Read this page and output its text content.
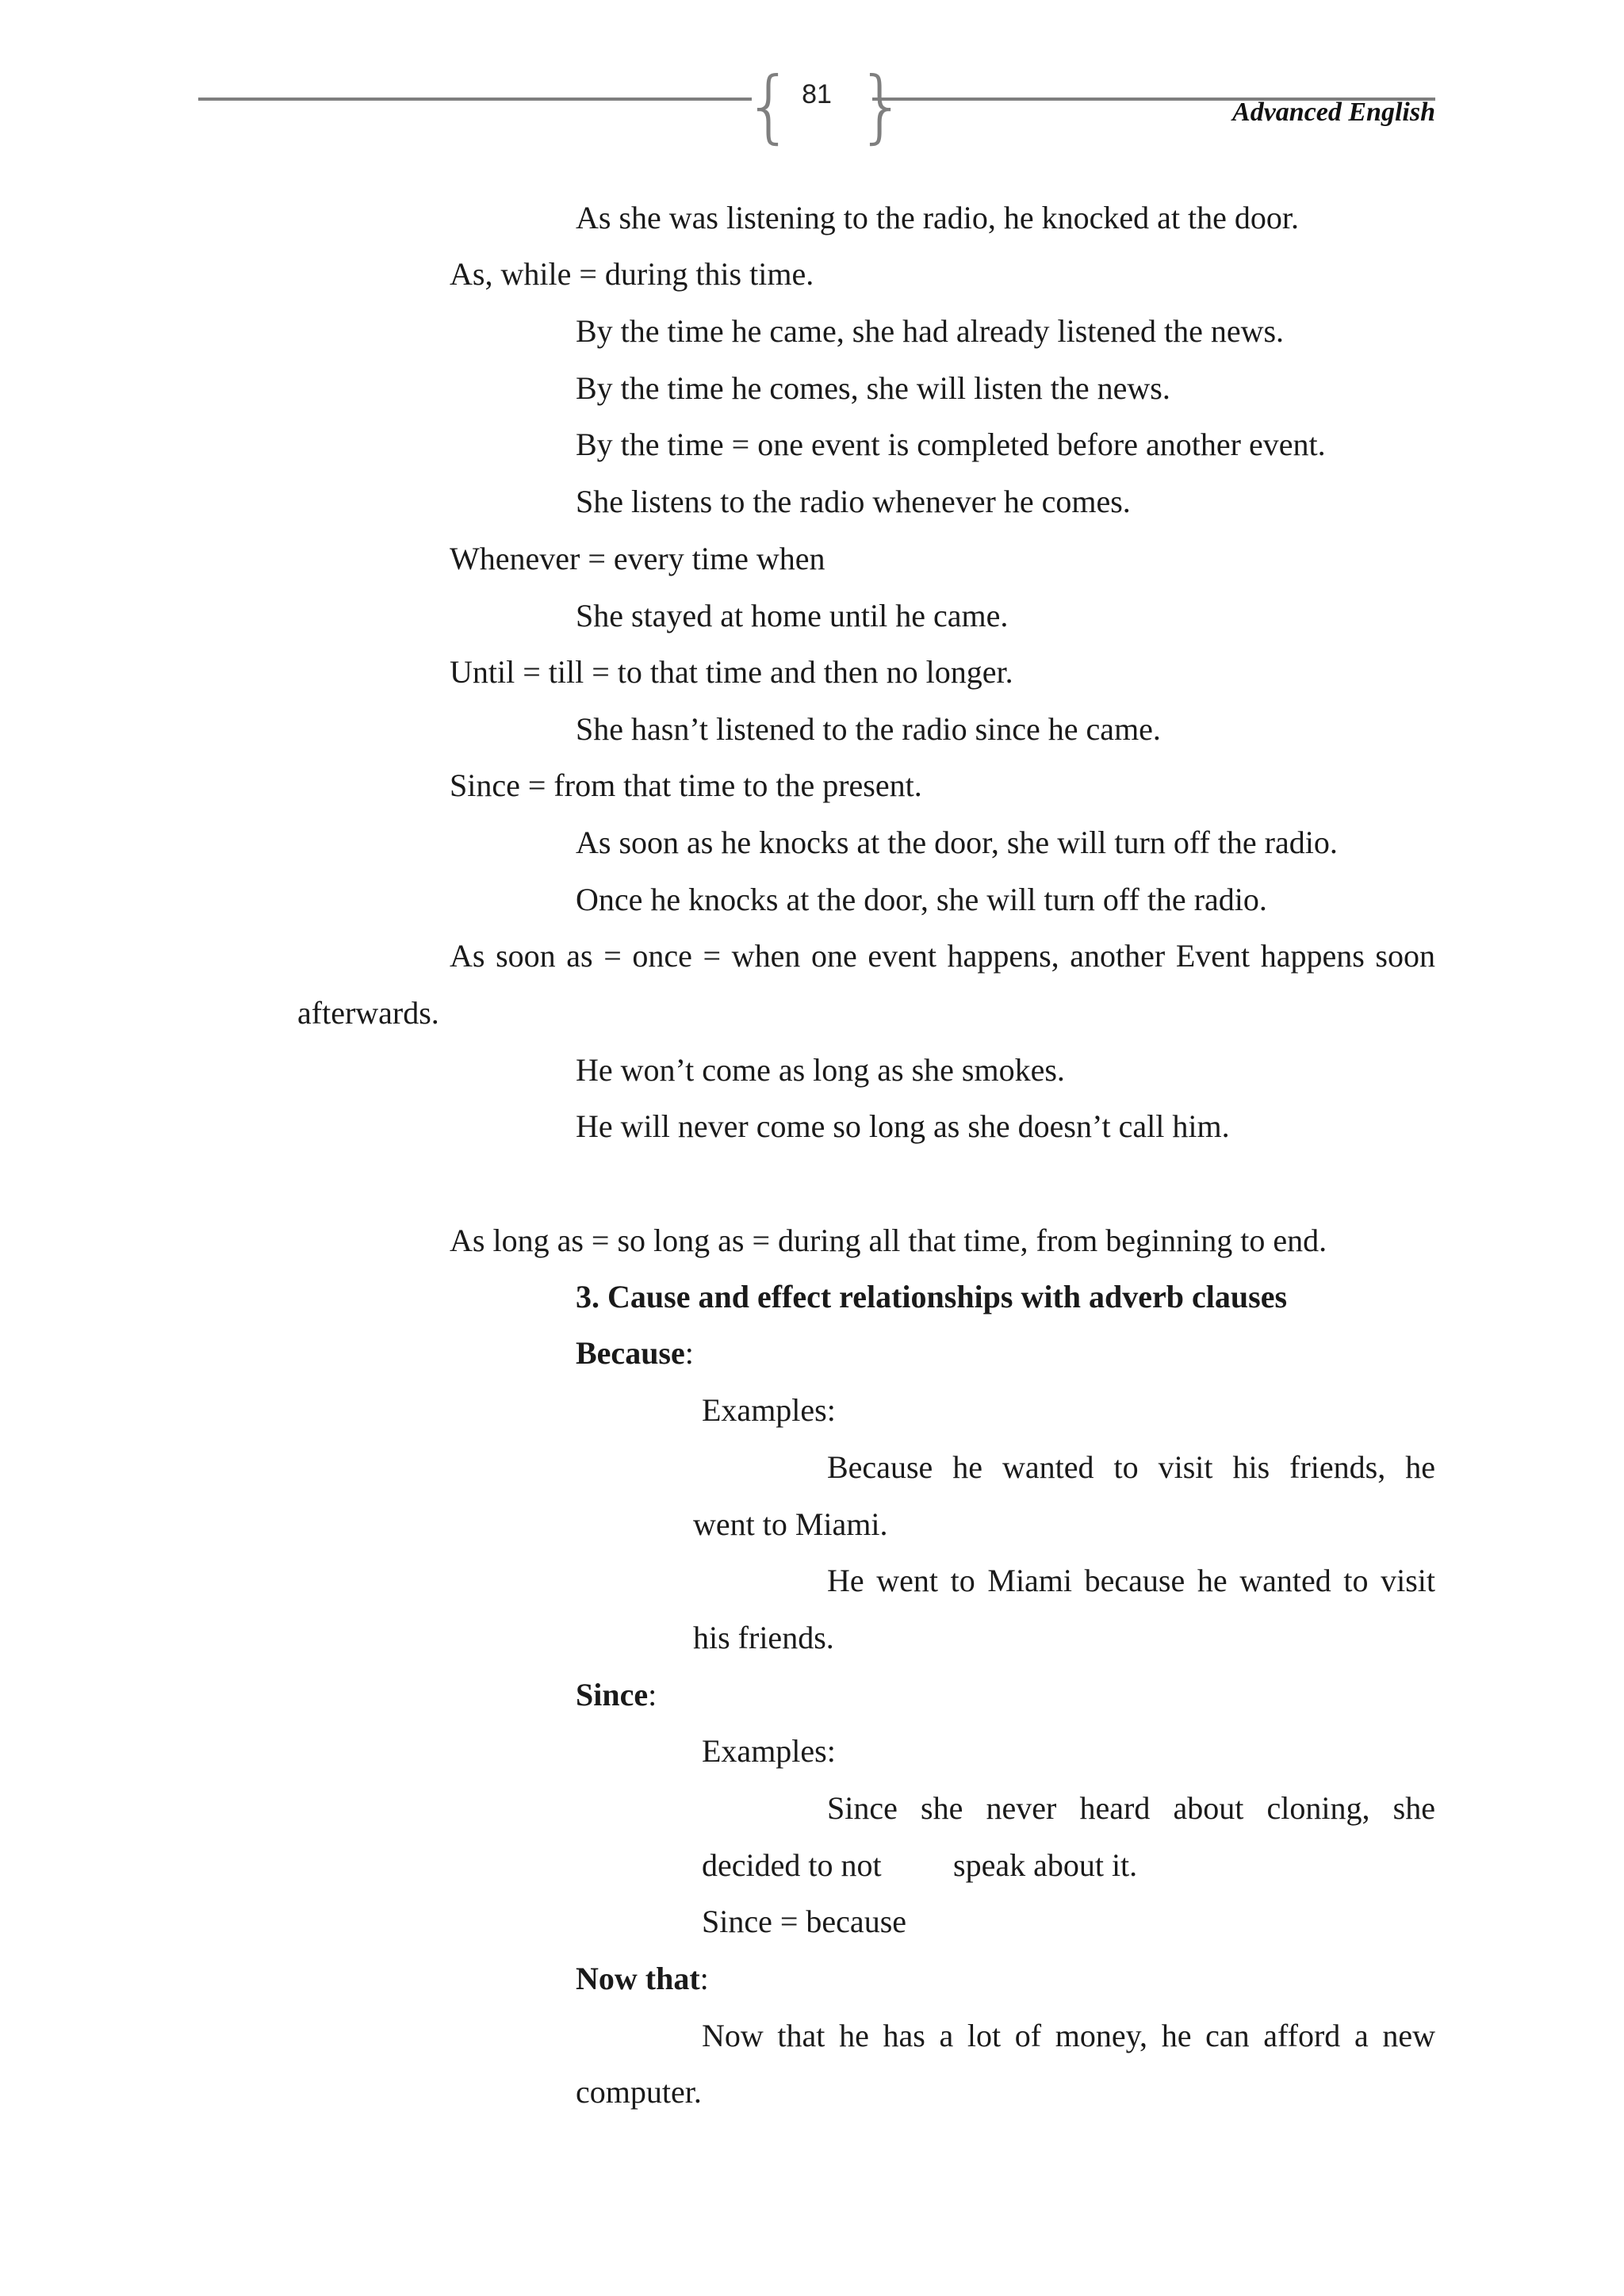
{ }
81
Advanced English
As she was listening to the radio, he knocked at the door.
As, while = during this time.
By the time he came, she had already listened the news.
By the time he comes, she will listen the news.
By the time = one event is completed before another event.
She listens to the radio whenever he comes.
Whenever = every time when
She stayed at home until he came.
Until = till = to that time and then no longer.
She hasn’t listened to the radio since he came.
Since = from that time to the present.
As soon as he knocks at the door, she will turn off the radio.
Once he knocks at the door, she will turn off the radio.
As soon as = once = when one event happens, another Event happens soon
afterwards.
He won’t come as long as she smokes.
He will never come so long as she doesn’t call him.
As long as = so long as = during all that time, from beginning to end.
3. Cause and effect relationships with adverb clauses
Because:
Examples:
Because he wanted to visit his friends, he
went to Miami.
He went to Miami because he wanted to visit
his friends.
Since:
Examples:
Since she never heard about cloning, she
decided to not speak about it.
Since = because
Now that:
Now that he has a lot of money, he can afford a new
computer.
